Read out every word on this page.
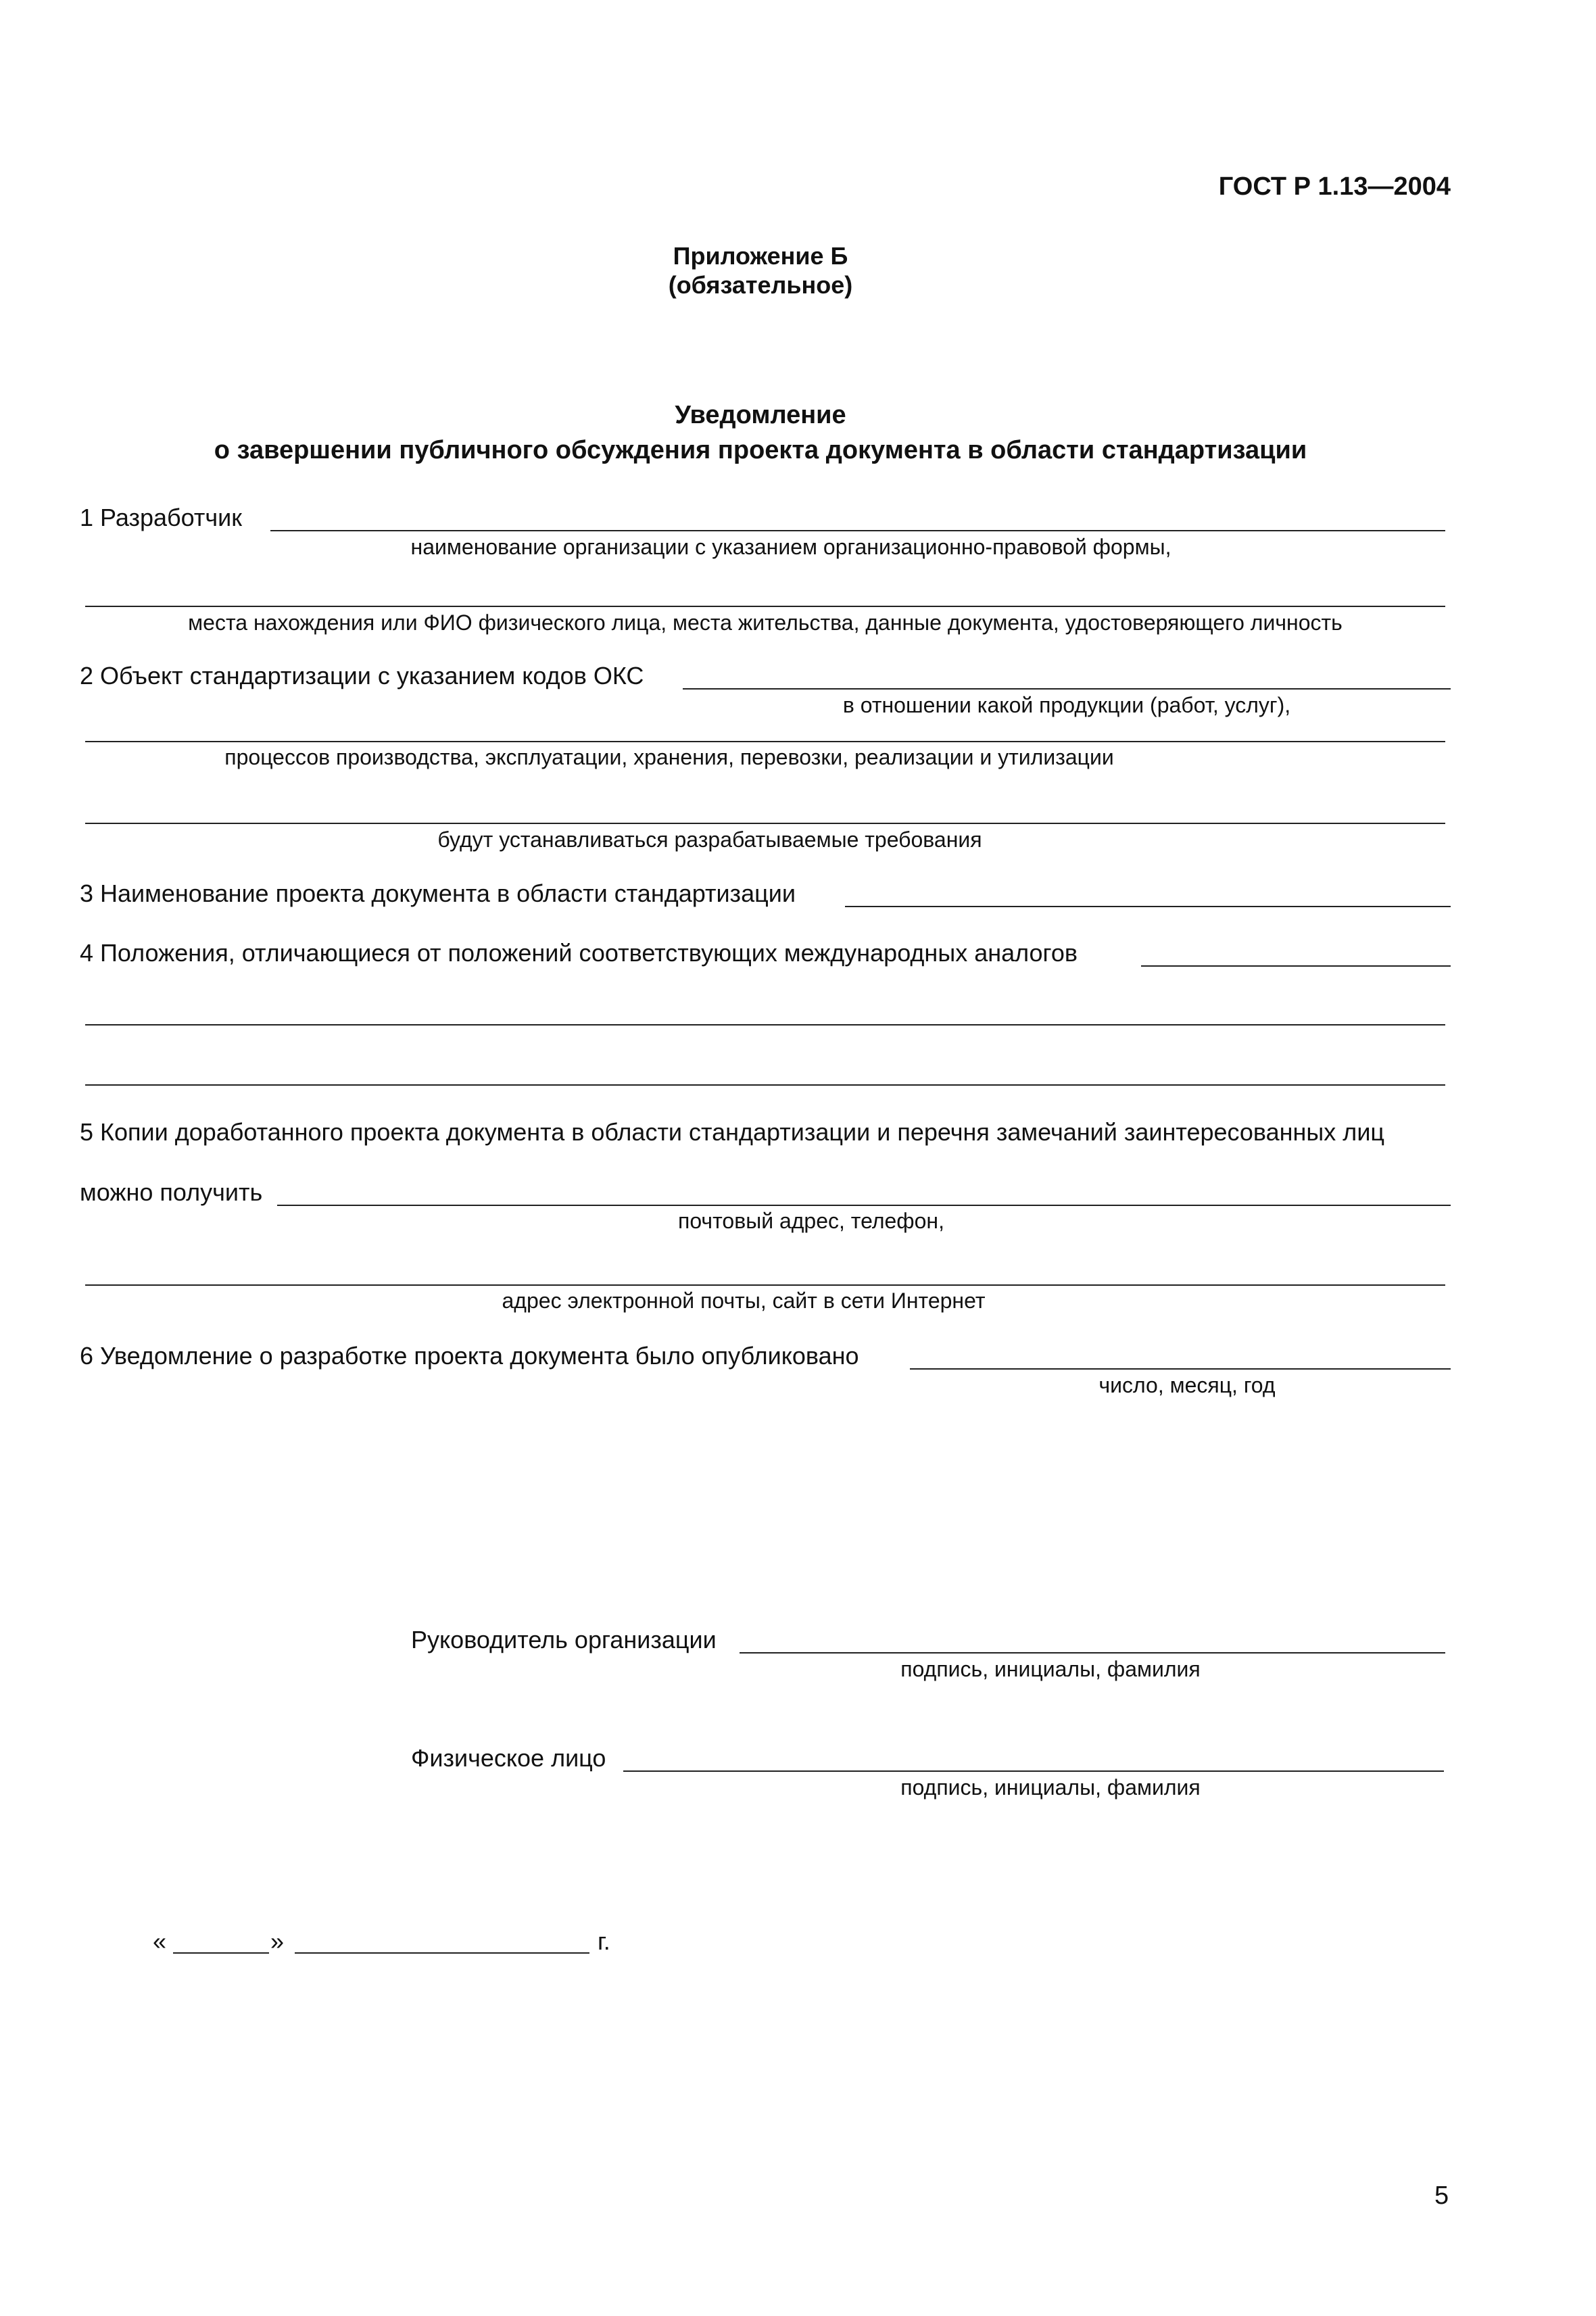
ГОСТ Р 1.13—2004
Приложение Б
(обязательное)
Уведомление
о завершении публичного обсуждения проекта документа в области стандартизации
1 Разработчик
наименование организации с указанием организационно-правовой формы,
места нахождения или ФИО физического лица, места жительства, данные документа, удостоверяющего личность
2 Объект стандартизации с указанием кодов ОКС
в отношении какой продукции (работ, услуг),
процессов производства, эксплуатации, хранения, перевозки, реализации и утилизации
будут устанавливаться разрабатываемые требования
3 Наименование проекта документа в области стандартизации
4 Положения, отличающиеся от положений соответствующих международных аналогов
5 Копии доработанного проекта документа в области стандартизации и перечня замечаний заинтересованных лиц
можно получить
почтовый адрес, телефон,
адрес электронной почты, сайт в сети Интернет
6 Уведомление о разработке проекта документа было опубликовано
число, месяц, год
Руководитель организации
подпись, инициалы, фамилия
Физическое лицо
подпись, инициалы, фамилия
«	»	г.
5
